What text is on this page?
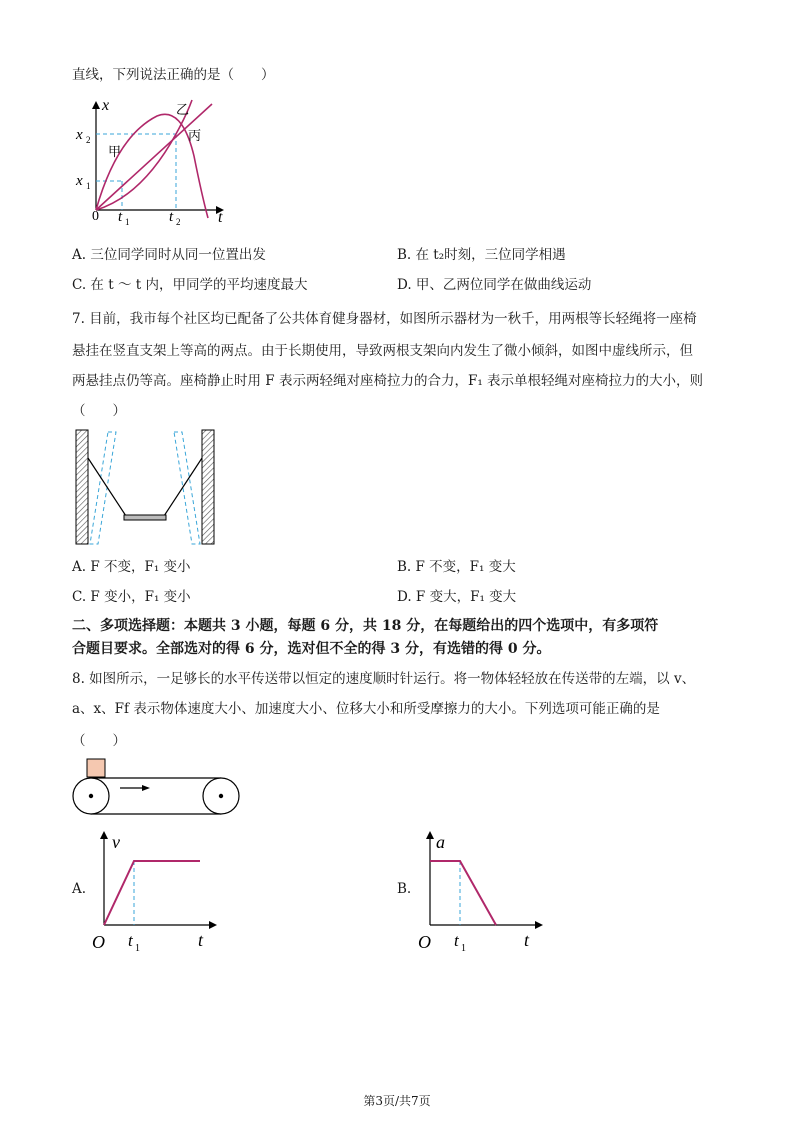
直线，下列说法正确的是（　　）
x
t
x 2
x 1
0 t 1	t 2
甲
乙
丙
A. 三位同学同时从同一位置出发	B. 在 t₂时刻，三位同学相遇
C. 在 t ～ t 内，甲同学的平均速度最大	D. 甲、乙两位同学在做曲线运动
7. 目前，我市每个社区均已配备了公共体育健身器材，如图所示器材为一秋千，用两根等长轻绳将一座椅
悬挂在竖直支架上等高的两点。由于长期使用，导致两根支架向内发生了微小倾斜，如图中虚线所示，但
两悬挂点仍等高。座椅静止时用 F 表示两轻绳对座椅拉力的合力，F₁ 表示单根轻绳对座椅拉力的大小，则
（　　）
A. F 不变，F₁ 变小	B. F 不变，F₁ 变大
C. F 变小，F₁ 变小	D. F 变大，F₁ 变大
二、多项选择题：本题共 3 小题，每题 6 分，共 18 分，在每题给出的四个选项中，有多项符
合题目要求。全部选对的得 6 分，选对但不全的得 3 分，有选错的得 0 分。
8. 如图所示，一足够长的水平传送带以恒定的速度顺时针运行。将一物体轻轻放在传送带的左端，以 v、
a、x、Ff 表示物体速度大小、加速度大小、位移大小和所受摩擦力的大小。下列选项可能正确的是
（　　）
A.
v
t
O t 1
B.
a
t
O t 1
第3页/共7页
